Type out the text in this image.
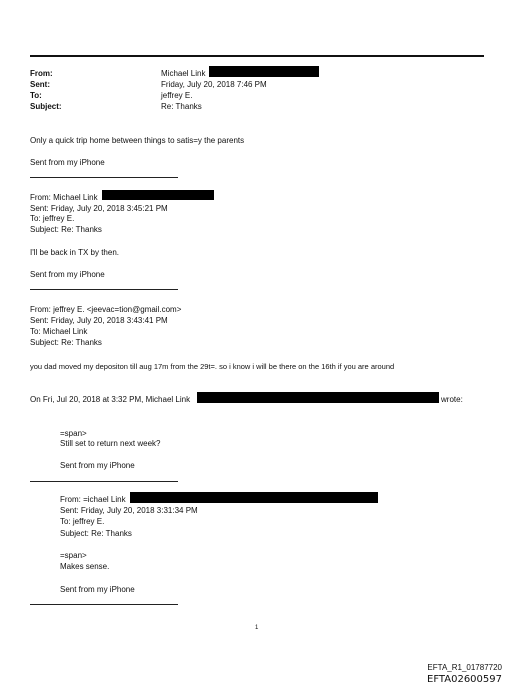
From:
Sent:
To:
Subject:
Michael Link
Friday, July 20, 2018 7:46 PM
jeffrey E.
Re: Thanks
Only a quick trip home between things to satis=y the parents
Sent from my iPhone
From: Michael Link
Sent: Friday, July 20, 2018 3:45:21 PM
To: jeffrey E.
Subject: Re: Thanks
I'll be back in TX by then.
Sent from my iPhone
From: jeffrey E. <jeevac=tion@gmail.com>
Sent: Friday, July 20, 2018 3:43:41 PM
To: Michael Link
Subject: Re: Thanks
you dad moved my depositon till aug 17m from the 29t=. so i know i will be there on the 16th if you are around
On Fri, Jul 20, 2018 at 3:32 PM, Michael Link	wrote:
=span>
Still set to return next week?
Sent from my iPhone
From: =ichael Link
Sent: Friday, July 20, 2018 3:31:34 PM
To: jeffrey E.
Subject: Re: Thanks
=span>
Makes sense.
Sent from my iPhone
1
EFTA_R1_01787720
EFTA02600597
